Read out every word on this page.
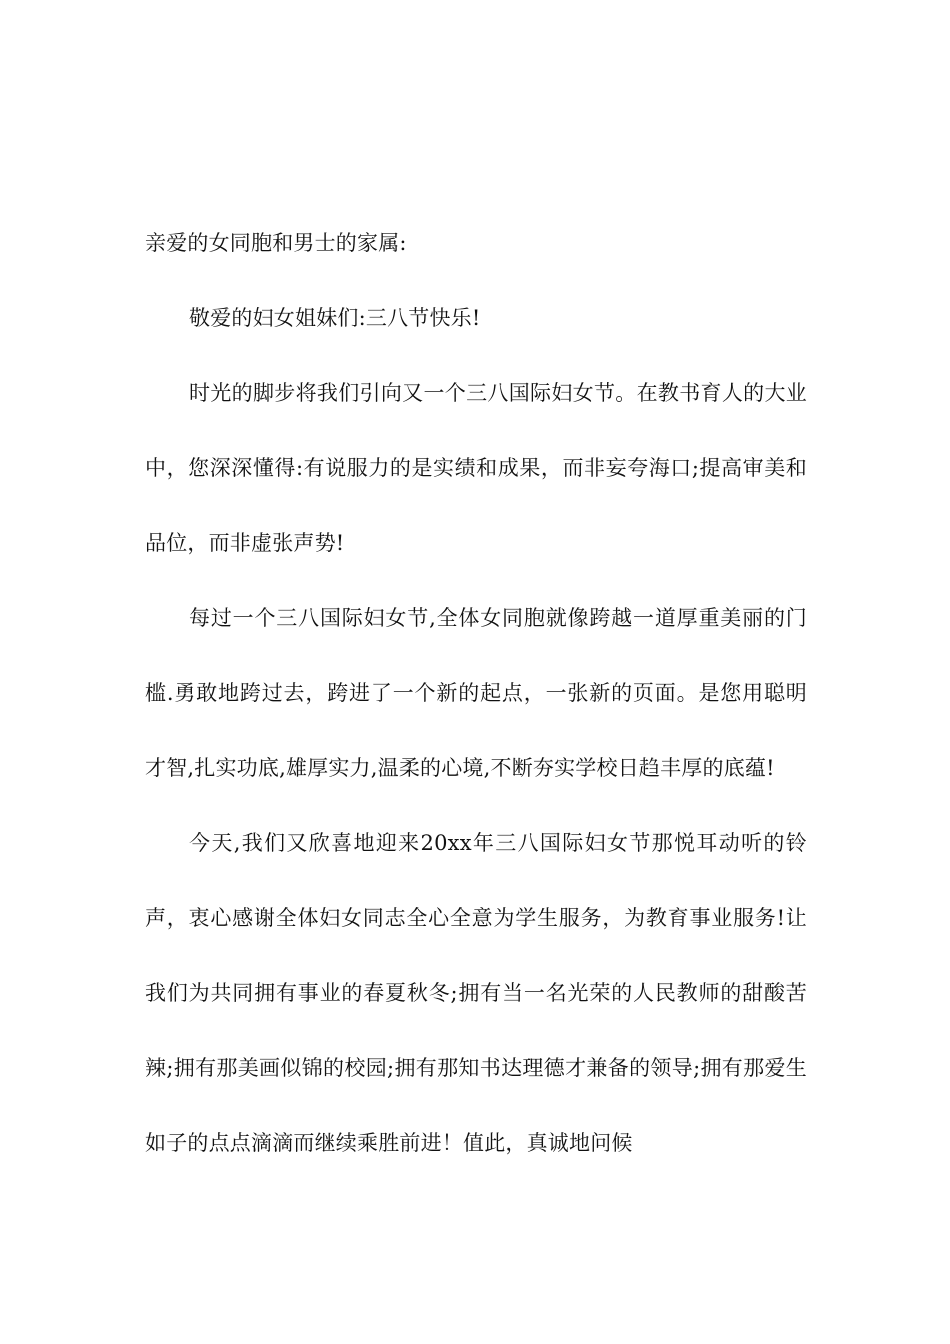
亲爱的女同胞和男士的家属:

敬爱的妇女姐妹们:三八节快乐!

时光的脚步将我们引向又一个三八国际妇女节。在教书育人的大业中，您深深懂得:有说服力的是实绩和成果，而非妄夸海口;提高审美和品位，而非虚张声势!

每过一个三八国际妇女节,全体女同胞就像跨越一道厚重美丽的门槛.勇敢地跨过去，跨进了一个新的起点，一张新的页面。是您用聪明才智,扎实功底,雄厚实力,温柔的心境,不断夯实学校日趋丰厚的底蕴!

今天,我们又欣喜地迎来20xx年三八国际妇女节那悦耳动听的铃声，衷心感谢全体妇女同志全心全意为学生服务，为教育事业服务!让我们为共同拥有事业的春夏秋冬;拥有当一名光荣的人民教师的甜酸苦辣;拥有那美画似锦的校园;拥有那知书达理德才兼备的领导;拥有那爱生如子的点点滴滴而继续乘胜前进！值此，真诚地问候
